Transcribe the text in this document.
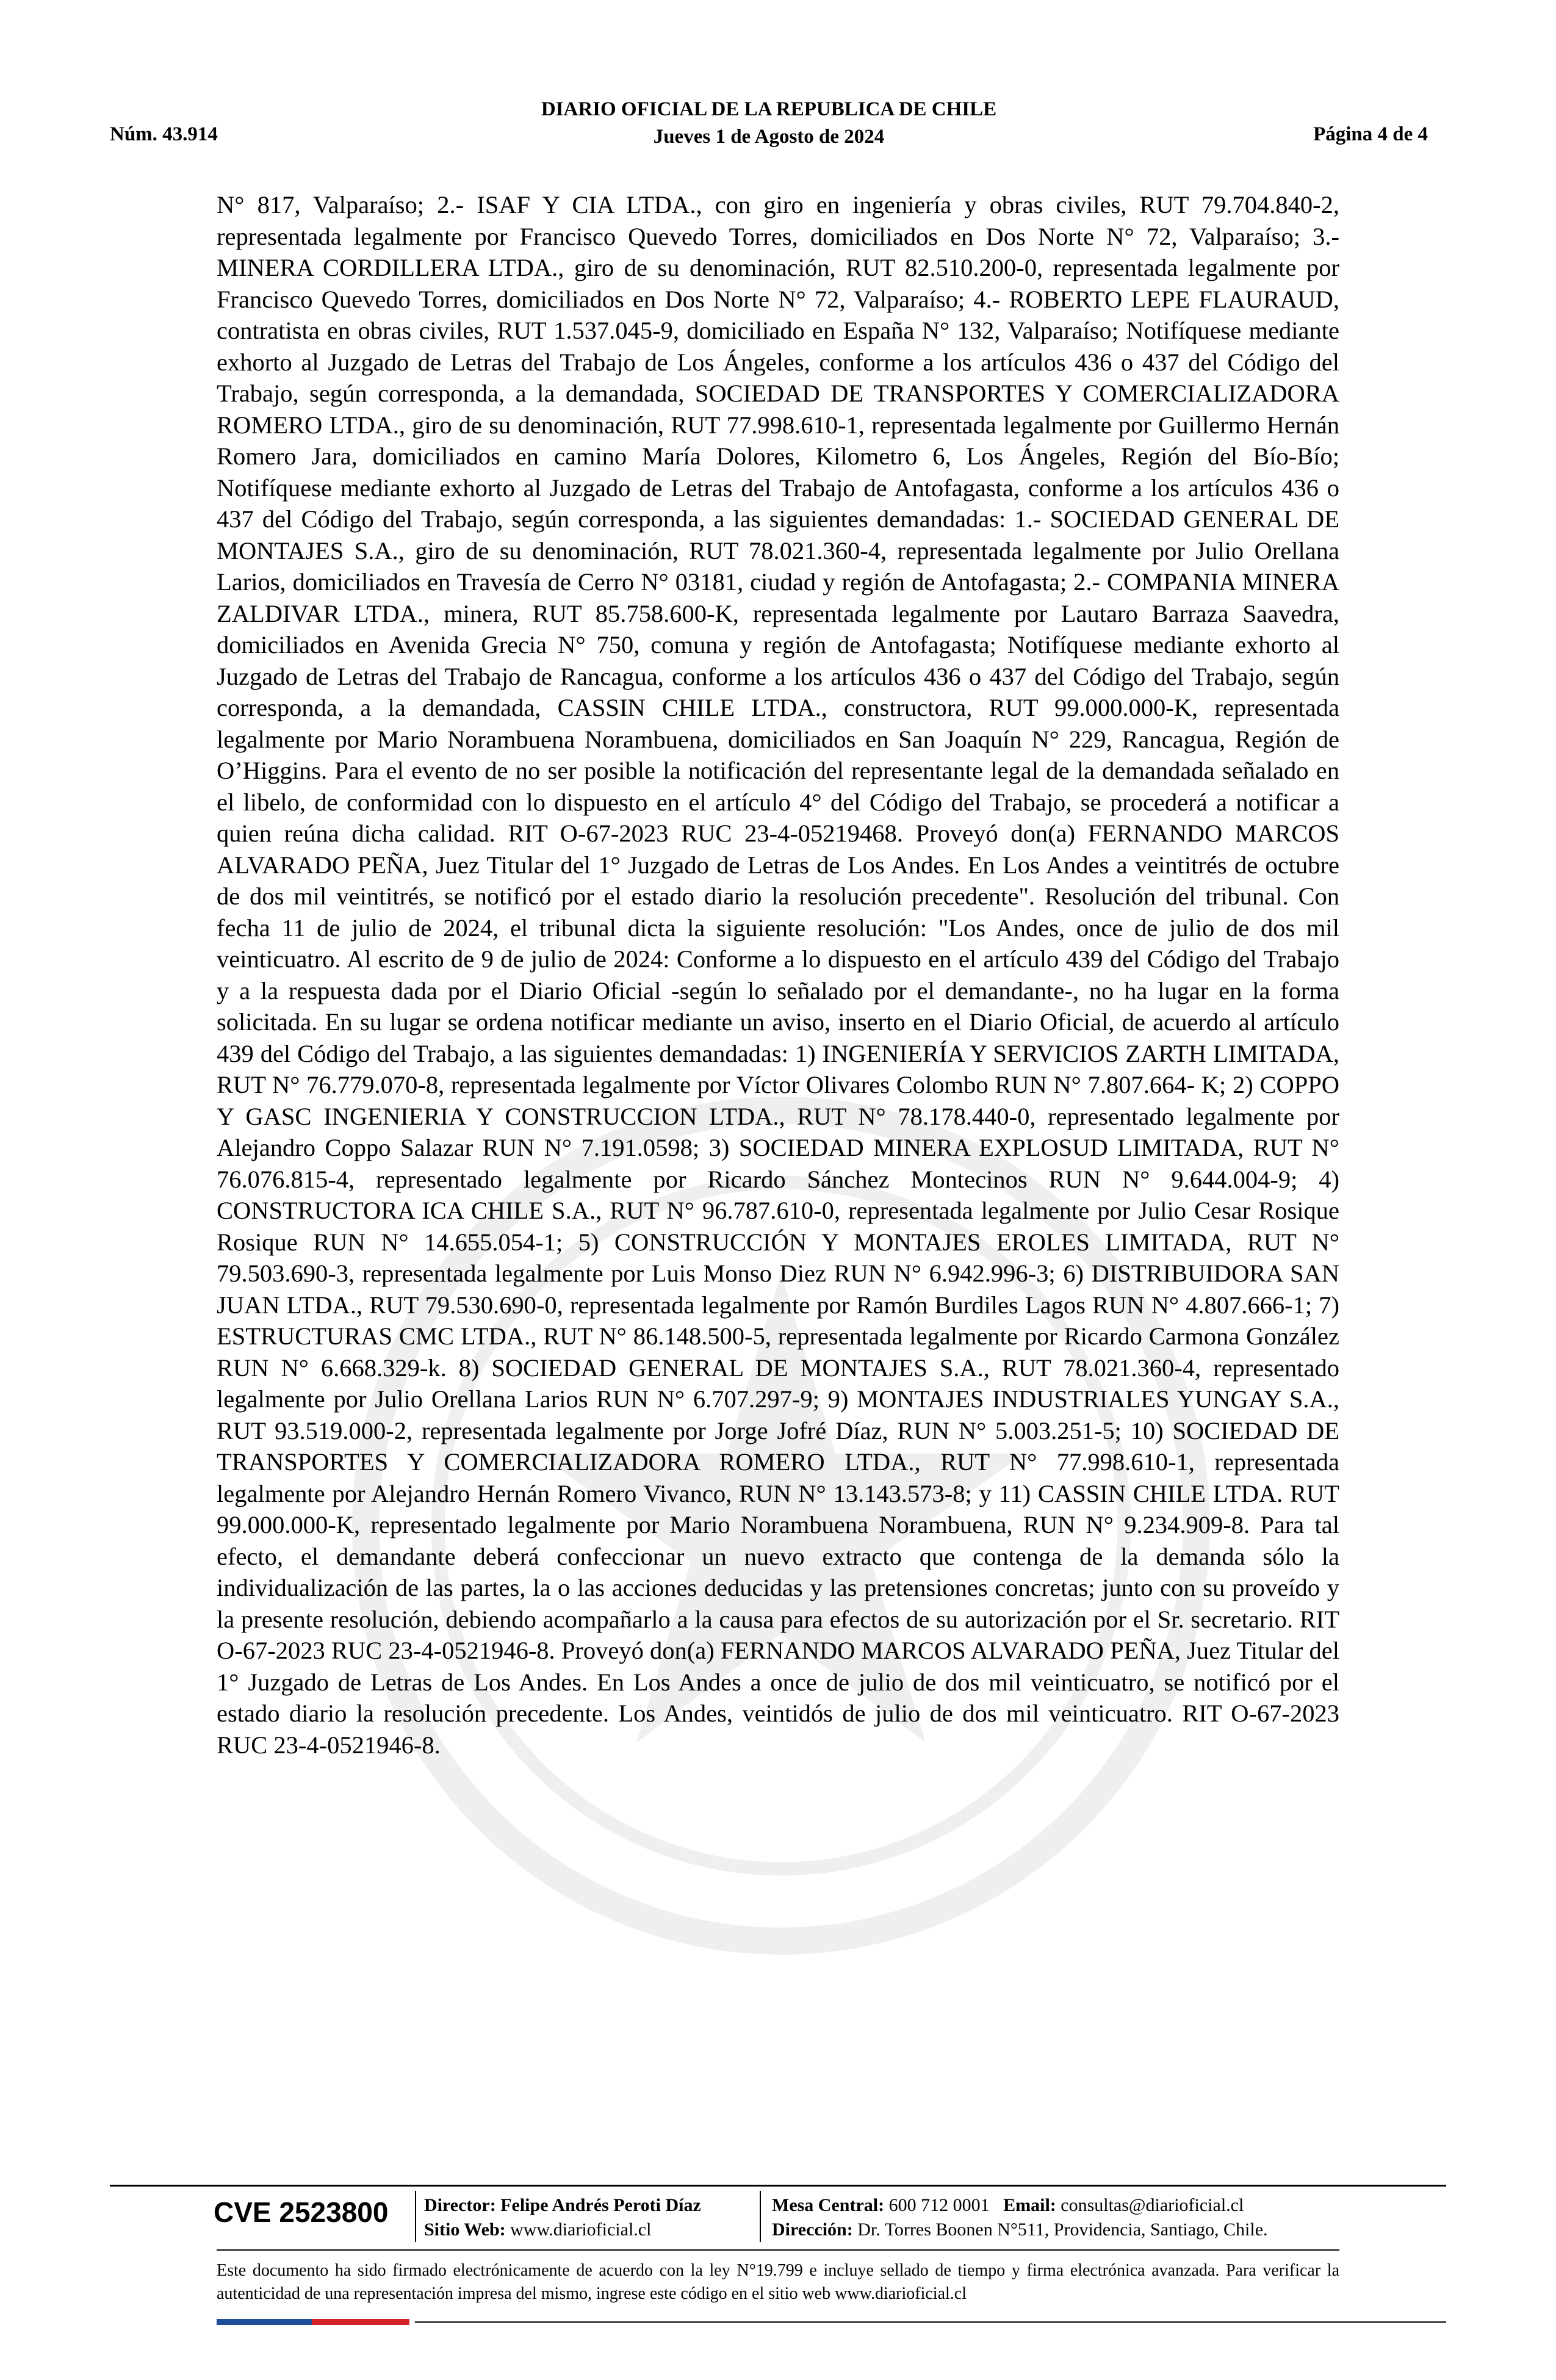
Núm. 43.914
DIARIO OFICIAL DE LA REPUBLICA DE CHILE
Jueves 1 de Agosto de 2024	Página 4 de 4
N° 817, Valparaíso; 2.- ISAF Y CIA LTDA., con giro en ingeniería y obras civiles, RUT 79.704.840-2, representada legalmente por Francisco Quevedo Torres, domiciliados en Dos Norte N° 72, Valparaíso; 3.- MINERA CORDILLERA LTDA., giro de su denominación, RUT 82.510.200-0, representada legalmente por Francisco Quevedo Torres, domiciliados en Dos Norte N° 72, Valparaíso; 4.- ROBERTO LEPE FLAURAUD, contratista en obras civiles, RUT 1.537.045-9, domiciliado en España N° 132, Valparaíso; Notifíquese mediante exhorto al Juzgado de Letras del Trabajo de Los Ángeles, conforme a los artículos 436 o 437 del Código del Trabajo, según corresponda, a la demandada, SOCIEDAD DE TRANSPORTES Y COMERCIALIZADORA ROMERO LTDA., giro de su denominación, RUT 77.998.610-1, representada legalmente por Guillermo Hernán Romero Jara, domiciliados en camino María Dolores, Kilometro 6, Los Ángeles, Región del Bío-Bío; Notifíquese mediante exhorto al Juzgado de Letras del Trabajo de Antofagasta, conforme a los artículos 436 o 437 del Código del Trabajo, según corresponda, a las siguientes demandadas: 1.- SOCIEDAD GENERAL DE MONTAJES S.A., giro de su denominación, RUT 78.021.360-4, representada legalmente por Julio Orellana Larios, domiciliados en Travesía de Cerro N° 03181, ciudad y región de Antofagasta; 2.- COMPANIA MINERA ZALDIVAR LTDA., minera, RUT 85.758.600-K, representada legalmente por Lautaro Barraza Saavedra, domiciliados en Avenida Grecia N° 750, comuna y región de Antofagasta; Notifíquese mediante exhorto al Juzgado de Letras del Trabajo de Rancagua, conforme a los artículos 436 o 437 del Código del Trabajo, según corresponda, a la demandada, CASSIN CHILE LTDA., constructora, RUT 99.000.000-K, representada legalmente por Mario Norambuena Norambuena, domiciliados en San Joaquín N° 229, Rancagua, Región de O’Higgins. Para el evento de no ser posible la notificación del representante legal de la demandada señalado en el libelo, de conformidad con lo dispuesto en el artículo 4° del Código del Trabajo, se procederá a notificar a quien reúna dicha calidad. RIT O-67-2023 RUC 23-4-05219468. Proveyó don(a) FERNANDO MARCOS ALVARADO PEÑA, Juez Titular del 1° Juzgado de Letras de Los Andes. En Los Andes a veintitrés de octubre de dos mil veintitrés, se notificó por el estado diario la resolución precedente". Resolución del tribunal. Con fecha 11 de julio de 2024, el tribunal dicta la siguiente resolución: "Los Andes, once de julio de dos mil veinticuatro. Al escrito de 9 de julio de 2024: Conforme a lo dispuesto en el artículo 439 del Código del Trabajo y a la respuesta dada por el Diario Oficial -según lo señalado por el demandante-, no ha lugar en la forma solicitada. En su lugar se ordena notificar mediante un aviso, inserto en el Diario Oficial, de acuerdo al artículo 439 del Código del Trabajo, a las siguientes demandadas: 1) INGENIERÍA Y SERVICIOS ZARTH LIMITADA, RUT N° 76.779.070-8, representada legalmente por Víctor Olivares Colombo RUN N° 7.807.664- K; 2) COPPO Y GASC INGENIERIA Y CONSTRUCCION LTDA., RUT N° 78.178.440-0, representado legalmente por Alejandro Coppo Salazar RUN N° 7.191.0598; 3) SOCIEDAD MINERA EXPLOSUD LIMITADA, RUT N° 76.076.815-4, representado legalmente por Ricardo Sánchez Montecinos RUN N° 9.644.004-9; 4) CONSTRUCTORA ICA CHILE S.A., RUT N° 96.787.610-0, representada legalmente por Julio Cesar Rosique Rosique RUN N° 14.655.054-1; 5) CONSTRUCCIÓN Y MONTAJES EROLES LIMITADA, RUT N° 79.503.690-3, representada legalmente por Luis Monso Diez RUN N° 6.942.996-3; 6) DISTRIBUIDORA SAN JUAN LTDA., RUT 79.530.690-0, representada legalmente por Ramón Burdiles Lagos RUN N° 4.807.666-1; 7) ESTRUCTURAS CMC LTDA., RUT N° 86.148.500-5, representada legalmente por Ricardo Carmona González RUN N° 6.668.329-k. 8) SOCIEDAD GENERAL DE MONTAJES S.A., RUT 78.021.360-4, representado legalmente por Julio Orellana Larios RUN N° 6.707.297-9; 9) MONTAJES INDUSTRIALES YUNGAY S.A., RUT 93.519.000-2, representada legalmente por Jorge Jofré Díaz, RUN N° 5.003.251-5; 10) SOCIEDAD DE TRANSPORTES Y COMERCIALIZADORA ROMERO LTDA., RUT N° 77.998.610-1, representada legalmente por Alejandro Hernán Romero Vivanco, RUN N° 13.143.573-8; y 11) CASSIN CHILE LTDA. RUT 99.000.000-K, representado legalmente por Mario Norambuena Norambuena, RUN N° 9.234.909-8. Para tal efecto, el demandante deberá confeccionar un nuevo extracto que contenga de la demanda sólo la individualización de las partes, la o las acciones deducidas y las pretensiones concretas; junto con su proveído y la presente resolución, debiendo acompañarlo a la causa para efectos de su autorización por el Sr. secretario. RIT O-67-2023 RUC 23-4-0521946-8. Proveyó don(a) FERNANDO MARCOS ALVARADO PEÑA, Juez Titular del 1° Juzgado de Letras de Los Andes. En Los Andes a once de julio de dos mil veinticuatro, se notificó por el estado diario la resolución precedente. Los Andes, veintidós de julio de dos mil veinticuatro. RIT O-67-2023 RUC 23-4-0521946-8.
CVE 2523800 Director: Felipe Andrés Peroti Díaz
Sitio Web: www.diarioficial.cl
Mesa Central: 600 712 0001 Email: consultas@diarioficial.cl
Dirección: Dr. Torres Boonen N°511, Providencia, Santiago, Chile.
Este documento ha sido firmado electrónicamente de acuerdo con la ley N°19.799 e incluye sellado de tiempo y firma electrónica avanzada. Para verificar la autenticidad de una representación impresa del mismo, ingrese este código en el sitio web www.diarioficial.cl
